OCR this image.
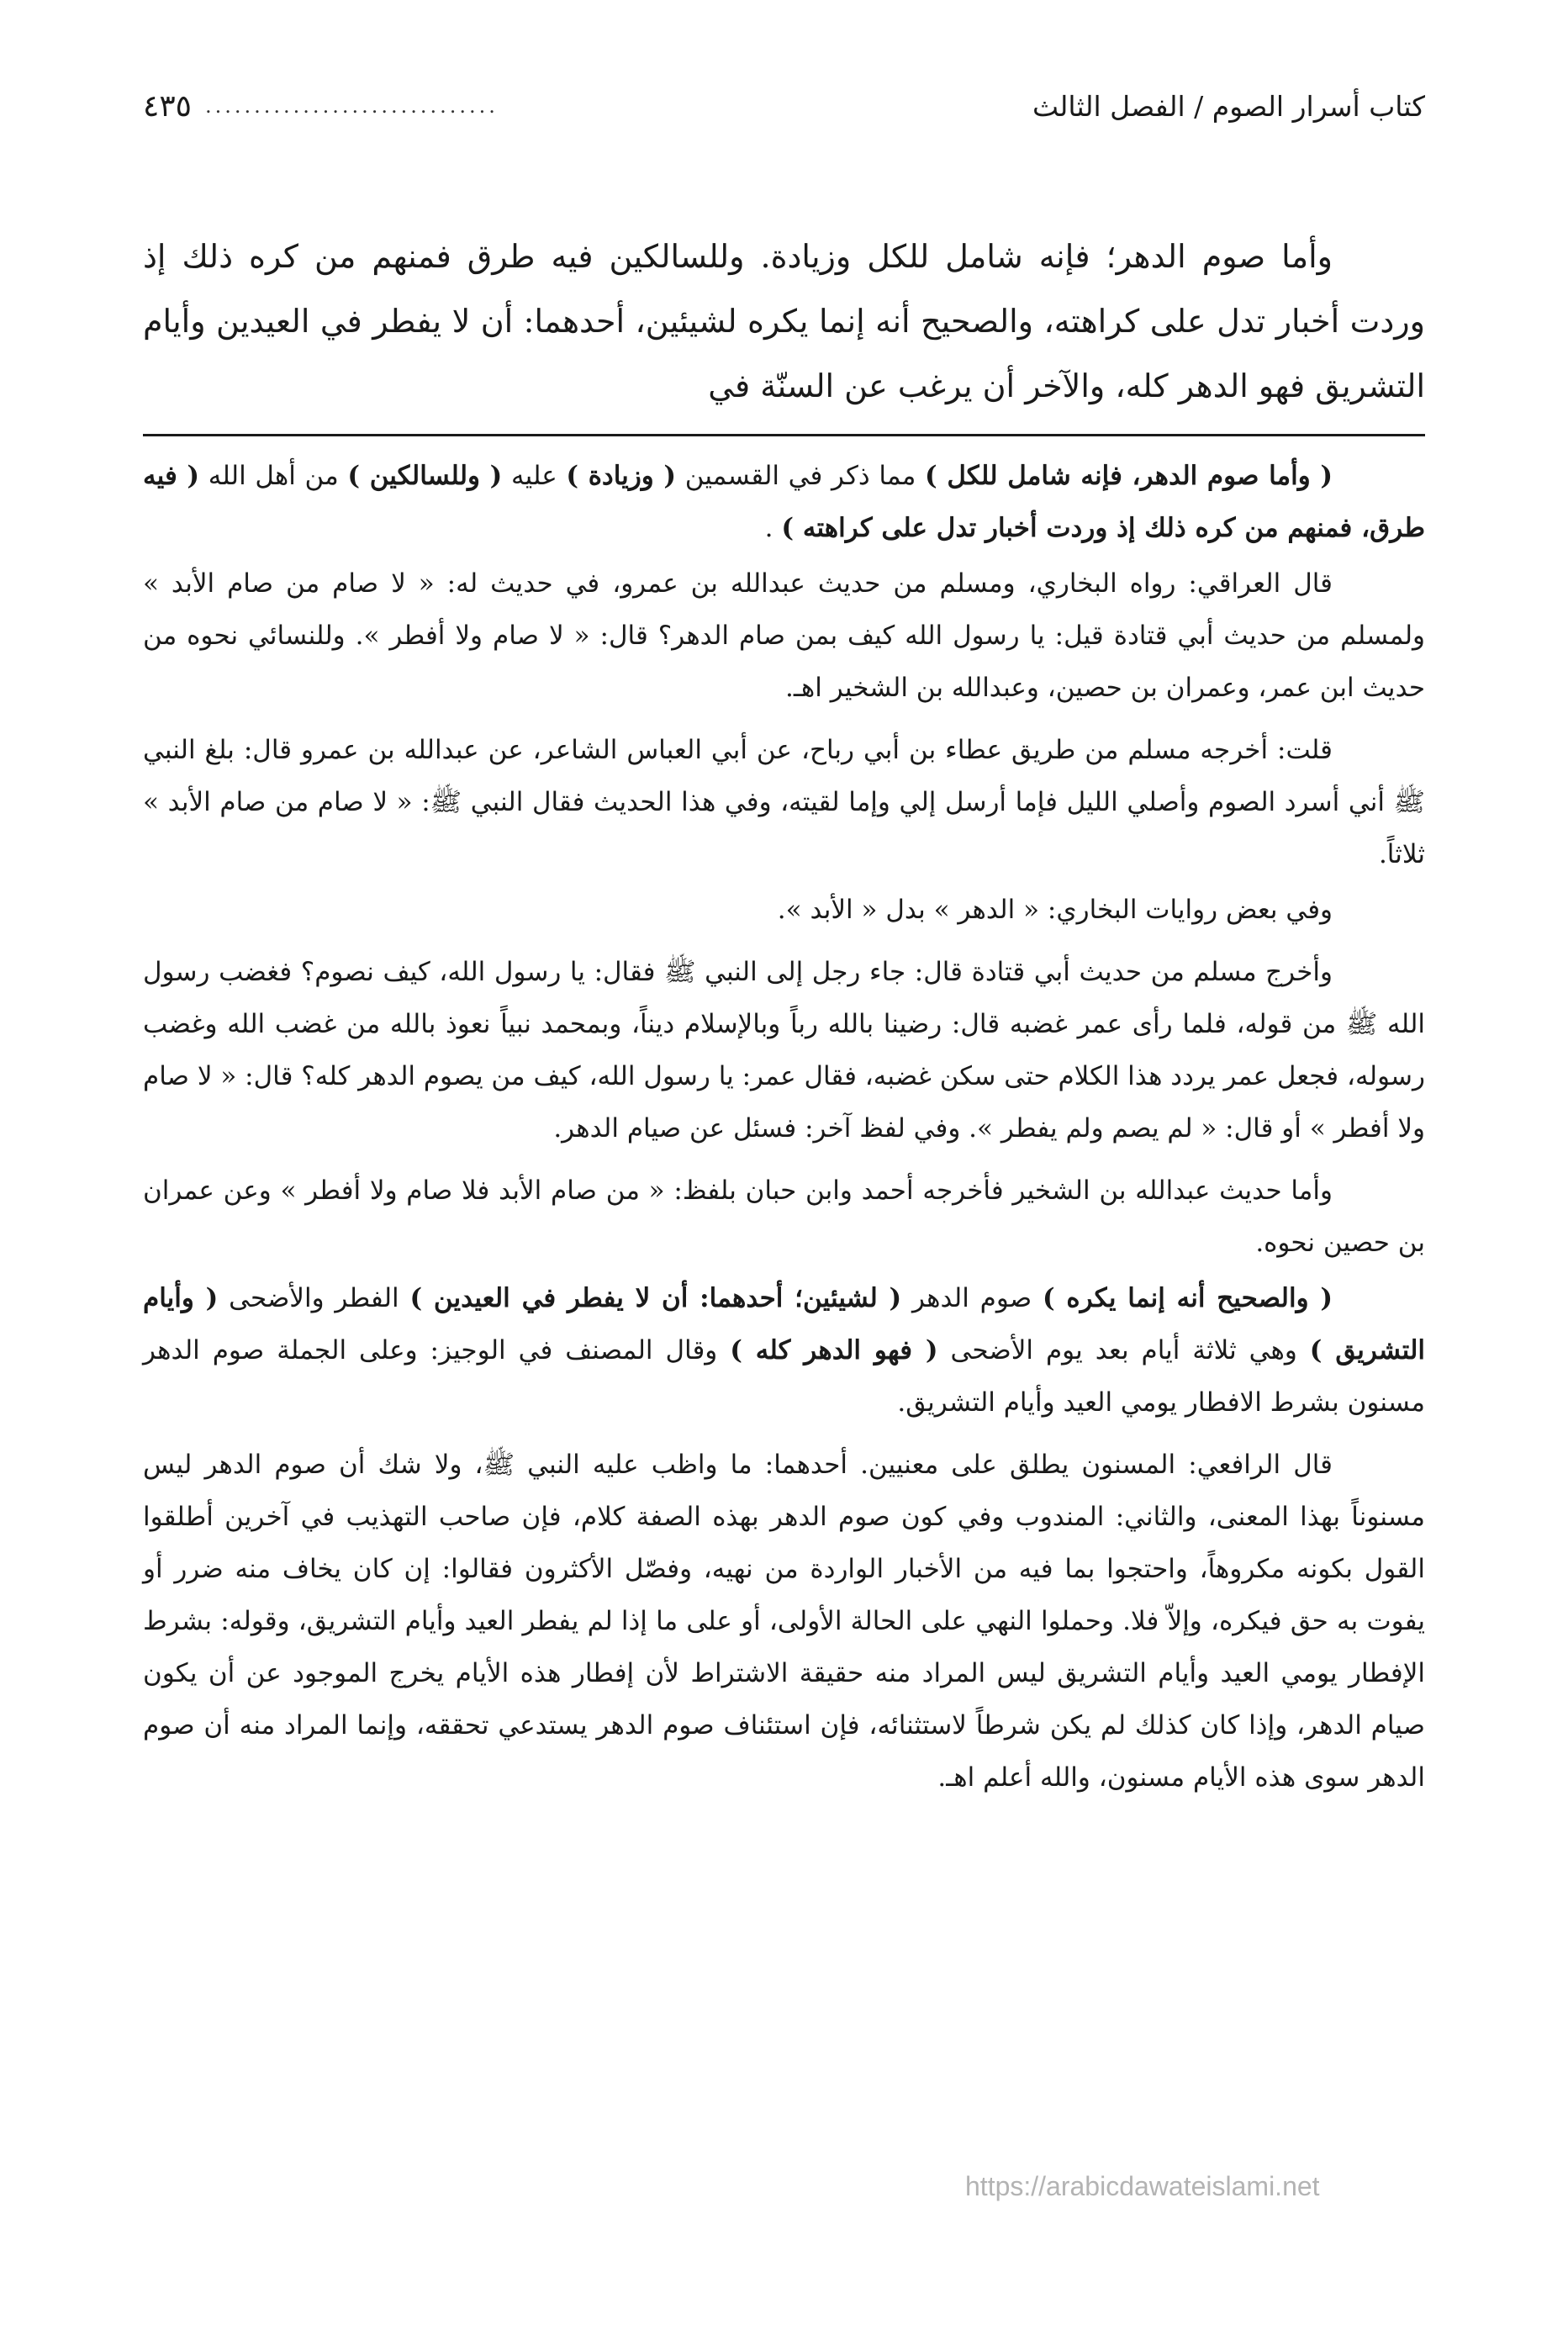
كتاب أسرار الصوم / الفصل الثالث
..............................
٤٣٥

وأما صوم الدهر؛ فإنه شامل للكل وزيادة. وللسالكين فيه طرق فمنهم من كره ذلك إذ وردت أخبار تدل على كراهته، والصحيح أنه إنما يكره لشيئين، أحدهما: أن لا يفطر في العيدين وأيام التشريق فهو الدهر كله، والآخر أن يرغب عن السنّة في

( وأما صوم الدهر، فإنه شامل للكل ) مما ذكر في القسمين ( وزيادة ) عليه ( وللسالكين ) من أهل الله ( فيه طرق، فمنهم من كره ذلك إذ وردت أخبار تدل على كراهته ) .

قال العراقي: رواه البخاري، ومسلم من حديث عبدالله بن عمرو، في حديث له: « لا صام من صام الأبد » ولمسلم من حديث أبي قتادة قيل: يا رسول الله كيف بمن صام الدهر؟ قال: « لا صام ولا أفطر ». وللنسائي نحوه من حديث ابن عمر، وعمران بن حصين، وعبدالله بن الشخير اهـ.

قلت: أخرجه مسلم من طريق عطاء بن أبي رباح، عن أبي العباس الشاعر، عن عبدالله بن عمرو قال: بلغ النبي ﷺ أني أسرد الصوم وأصلي الليل فإما أرسل إلي وإما لقيته، وفي هذا الحديث فقال النبي ﷺ: « لا صام من صام الأبد » ثلاثاً.

وفي بعض روايات البخاري: « الدهر » بدل « الأبد ».

وأخرج مسلم من حديث أبي قتادة قال: جاء رجل إلى النبي ﷺ فقال: يا رسول الله، كيف نصوم؟ فغضب رسول الله ﷺ من قوله، فلما رأى عمر غضبه قال: رضينا بالله رباً وبالإسلام ديناً، وبمحمد نبياً نعوذ بالله من غضب الله وغضب رسوله، فجعل عمر يردد هذا الكلام حتى سكن غضبه، فقال عمر: يا رسول الله، كيف من يصوم الدهر كله؟ قال: « لا صام ولا أفطر » أو قال: « لم يصم ولم يفطر ». وفي لفظ آخر: فسئل عن صيام الدهر.

وأما حديث عبدالله بن الشخير فأخرجه أحمد وابن حبان بلفظ: « من صام الأبد فلا صام ولا أفطر » وعن عمران بن حصين نحوه.

( والصحيح أنه إنما يكره ) صوم الدهر ( لشيئين؛ أحدهما: أن لا يفطر في العيدين ) الفطر والأضحى ( وأيام التشريق ) وهي ثلاثة أيام بعد يوم الأضحى ( فهو الدهر كله ) وقال المصنف في الوجيز: وعلى الجملة صوم الدهر مسنون بشرط الافطار يومي العيد وأيام التشريق.

قال الرافعي: المسنون يطلق على معنيين. أحدهما: ما واظب عليه النبي ﷺ، ولا شك أن صوم الدهر ليس مسنوناً بهذا المعنى، والثاني: المندوب وفي كون صوم الدهر بهذه الصفة كلام، فإن صاحب التهذيب في آخرين أطلقوا القول بكونه مكروهاً، واحتجوا بما فيه من الأخبار الواردة من نهيه، وفصّل الأكثرون فقالوا: إن كان يخاف منه ضرر أو يفوت به حق فيكره، وإلاّ فلا. وحملوا النهي على الحالة الأولى، أو على ما إذا لم يفطر العيد وأيام التشريق، وقوله: بشرط الإفطار يومي العيد وأيام التشريق ليس المراد منه حقيقة الاشتراط لأن إفطار هذه الأيام يخرج الموجود عن أن يكون صيام الدهر، وإذا كان كذلك لم يكن شرطاً لاستثنائه، فإن استئناف صوم الدهر يستدعي تحققه، وإنما المراد منه أن صوم الدهر سوى هذه الأيام مسنون، والله أعلم اهـ.

https://arabicdawateislami.net
